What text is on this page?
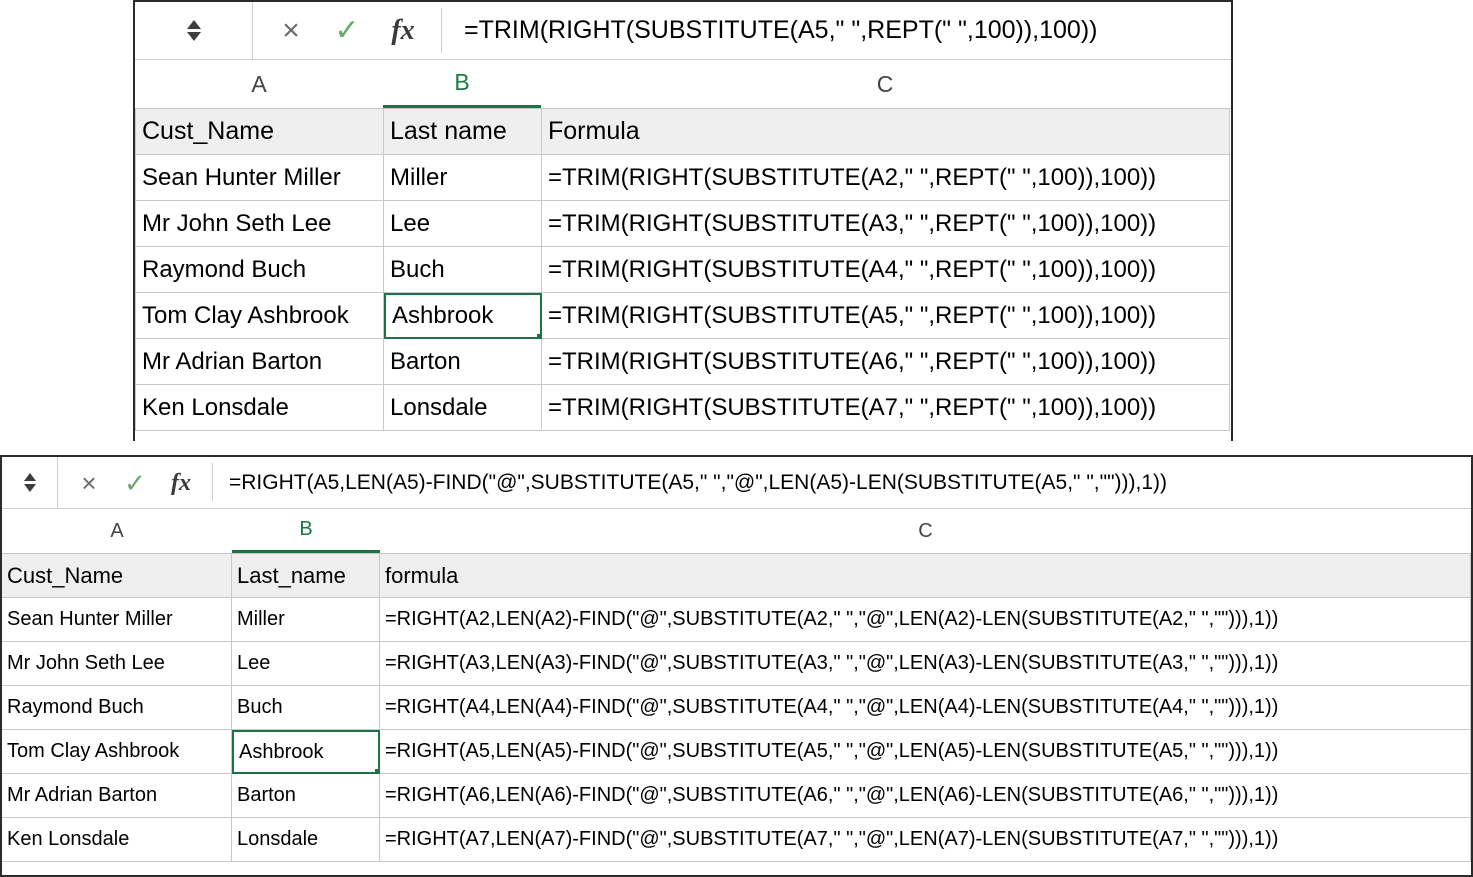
×	✓	fx	=TRIM(RIGHT(SUBSTITUTE(A5," ",REPT(" ",100)),100))
A	B	C
Cust_Name	Last name	Formula
Sean Hunter Miller	Miller	=TRIM(RIGHT(SUBSTITUTE(A2," ",REPT(" ",100)),100))
Mr John Seth Lee	Lee	=TRIM(RIGHT(SUBSTITUTE(A3," ",REPT(" ",100)),100))
Raymond Buch	Buch	=TRIM(RIGHT(SUBSTITUTE(A4," ",REPT(" ",100)),100))
Tom Clay Ashbrook	Ashbrook	=TRIM(RIGHT(SUBSTITUTE(A5," ",REPT(" ",100)),100))
Mr Adrian Barton	Barton	=TRIM(RIGHT(SUBSTITUTE(A6," ",REPT(" ",100)),100))
Ken Lonsdale	Lonsdale	=TRIM(RIGHT(SUBSTITUTE(A7," ",REPT(" ",100)),100))
×	✓	fx	=RIGHT(A5,LEN(A5)-FIND("@",SUBSTITUTE(A5," ","@",LEN(A5)-LEN(SUBSTITUTE(A5," ",""))),1))
A	B	C
Cust_Name	Last_name	formula
Sean Hunter Miller	Miller	=RIGHT(A2,LEN(A2)-FIND("@",SUBSTITUTE(A2," ","@",LEN(A2)-LEN(SUBSTITUTE(A2," ",""))),1))
Mr John Seth Lee	Lee	=RIGHT(A3,LEN(A3)-FIND("@",SUBSTITUTE(A3," ","@",LEN(A3)-LEN(SUBSTITUTE(A3," ",""))),1))
Raymond Buch	Buch	=RIGHT(A4,LEN(A4)-FIND("@",SUBSTITUTE(A4," ","@",LEN(A4)-LEN(SUBSTITUTE(A4," ",""))),1))
Tom Clay Ashbrook	Ashbrook	=RIGHT(A5,LEN(A5)-FIND("@",SUBSTITUTE(A5," ","@",LEN(A5)-LEN(SUBSTITUTE(A5," ",""))),1))
Mr Adrian Barton	Barton	=RIGHT(A6,LEN(A6)-FIND("@",SUBSTITUTE(A6," ","@",LEN(A6)-LEN(SUBSTITUTE(A6," ",""))),1))
Ken Lonsdale	Lonsdale	=RIGHT(A7,LEN(A7)-FIND("@",SUBSTITUTE(A7," ","@",LEN(A7)-LEN(SUBSTITUTE(A7," ",""))),1))
